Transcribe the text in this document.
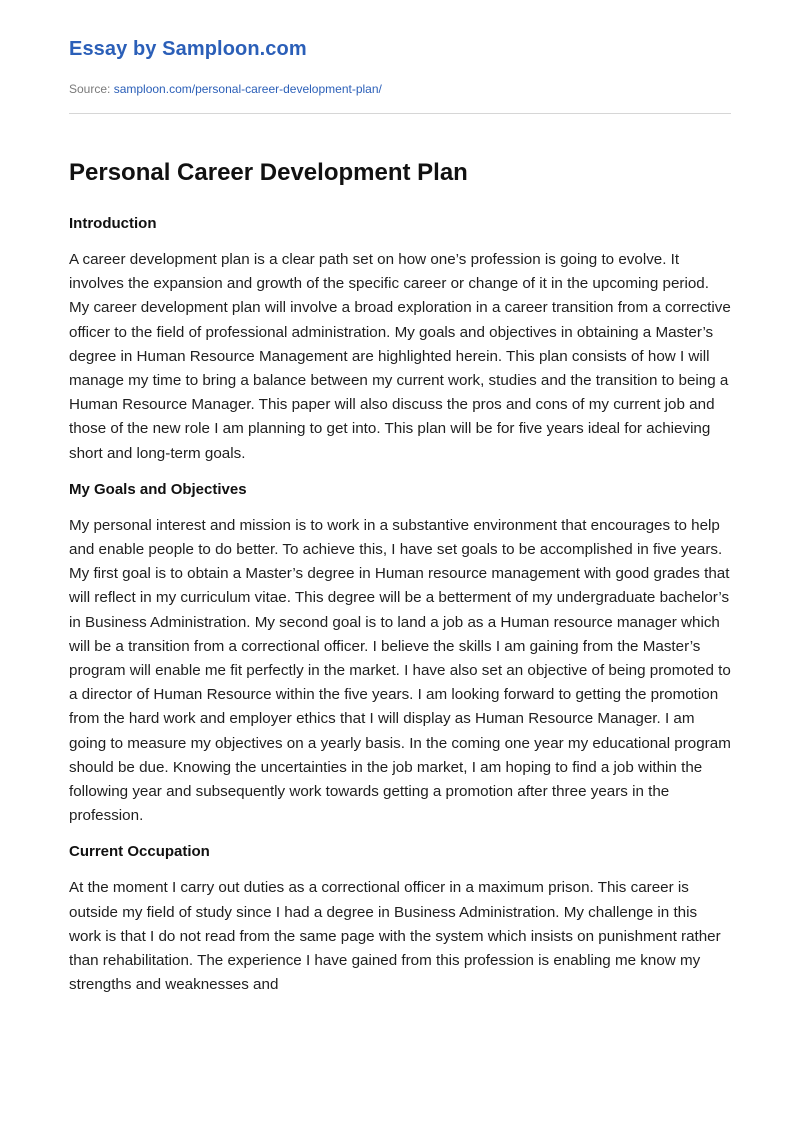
Essay by Samploon.com
Source: samploon.com/personal-career-development-plan/
Personal Career Development Plan
Introduction

A career development plan is a clear path set on how one’s profession is going to evolve. It involves the expansion and growth of the specific career or change of it in the upcoming period. My career development plan will involve a broad exploration in a career transition from a corrective officer to the field of professional administration. My goals and objectives in obtaining a Master’s degree in Human Resource Management are highlighted herein. This plan consists of how I will manage my time to bring a balance between my current work, studies and the transition to being a Human Resource Manager. This paper will also discuss the pros and cons of my current job and those of the new role I am planning to get into. This plan will be for five years ideal for achieving short and long-term goals.

My Goals and Objectives

My personal interest and mission is to work in a substantive environment that encourages to help and enable people to do better. To achieve this, I have set goals to be accomplished in five years. My first goal is to obtain a Master’s degree in Human resource management with good grades that will reflect in my curriculum vitae. This degree will be a betterment of my undergraduate bachelor’s in Business Administration. My second goal is to land a job as a Human resource manager which will be a transition from a correctional officer. I believe the skills I am gaining from the Master’s program will enable me fit perfectly in the market. I have also set an objective of being promoted to a director of Human Resource within the five years. I am looking forward to getting the promotion from the hard work and employer ethics that I will display as Human Resource Manager. I am going to measure my objectives on a yearly basis. In the coming one year my educational program should be due. Knowing the uncertainties in the job market, I am hoping to find a job within the following year and subsequently work towards getting a promotion after three years in the profession.

Current Occupation

At the moment I carry out duties as a correctional officer in a maximum prison. This career is outside my field of study since I had a degree in Business Administration. My challenge in this work is that I do not read from the same page with the system which insists on punishment rather than rehabilitation. The experience I have gained from this profession is enabling me know my strengths and weaknesses and
